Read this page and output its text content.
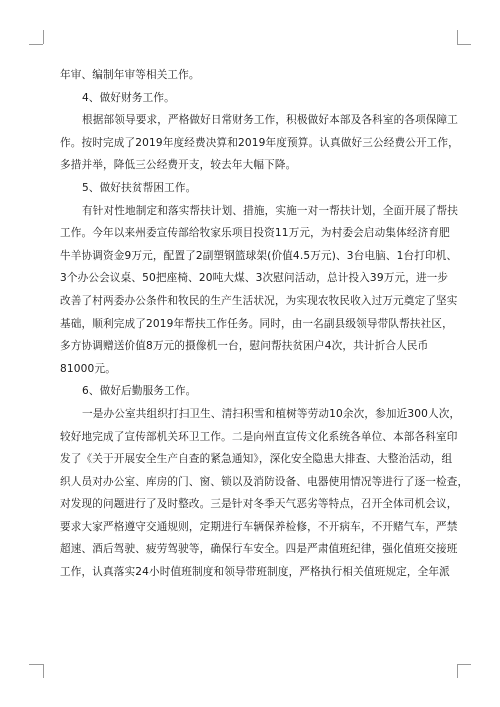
年审、编制年审等相关工作。

4、做好财务工作。

根据部领导要求，严格做好日常财务工作，积极做好本部及各科室的各项保障工

作。按时完成了2019年度经费决算和2019年度预算。认真做好三公经费公开工作，

多措并举，降低三公经费开支，较去年大幅下降。

5、做好扶贫帮困工作。

有针对性地制定和落实帮扶计划、措施，实施一对一帮扶计划，全面开展了帮扶

工作。今年以来州委宣传部给牧家乐项目投资11万元，为村委会启动集体经济育肥

牛羊协调资金9万元，配置了2副塑钢篮球架(价值4.5万元)、3台电脑、1台打印机、

3个办公会议桌、50把座椅、20吨大煤、3次慰问活动，总计投入39万元，进一步

改善了村两委办公条件和牧民的生产生活状况，为实现农牧民收入过万元奠定了坚实

基础，顺利完成了2019年帮扶工作任务。同时，由一名副县级领导带队帮扶社区，

多方协调赠送价值8万元的摄像机一台，慰问帮扶贫困户4次，共计折合人民币

81000元。

6、做好后勤服务工作。

一是办公室共组织打扫卫生、清扫积雪和植树等劳动10余次，参加近300人次，

较好地完成了宣传部机关环卫工作。二是向州直宣传文化系统各单位、本部各科室印

发了《关于开展安全生产自查的紧急通知》，深化安全隐患大排查、大整治活动，组

织人员对办公室、库房的门、窗、锁以及消防设备、电器使用情况等进行了逐一检查，

对发现的问题进行了及时整改。三是针对冬季天气恶劣等特点，召开全体司机会议，

要求大家严格遵守交通规则，定期进行车辆保养检修，不开病车，不开赌气车，严禁

超速、酒后驾驶、疲劳驾驶等，确保行车安全。四是严肃值班纪律，强化值班交接班

工作，认真落实24小时值班制度和领导带班制度，严格执行相关值班规定，全年派
